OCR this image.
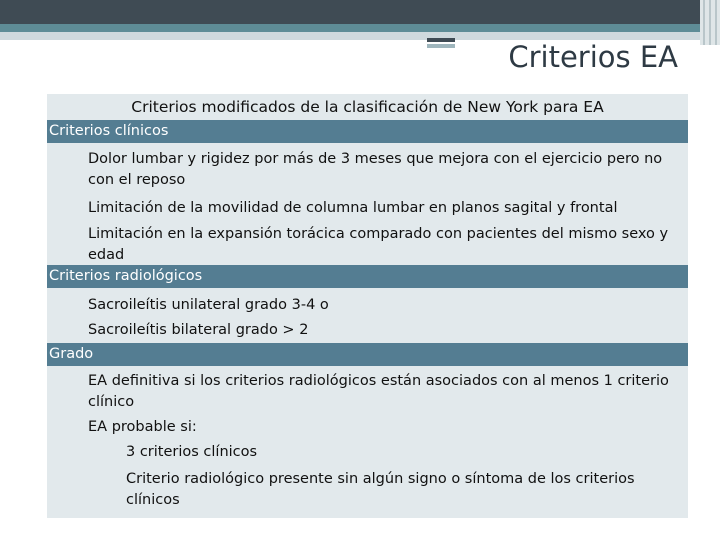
Criterios EA
Criterios modificados de la clasificación de New York para EA
Criterios clínicos
Dolor lumbar y rigidez por más de 3 meses que mejora con el ejercicio pero no con el reposo
Limitación de la movilidad de columna lumbar en planos sagital y frontal
Limitación en la expansión torácica comparado con pacientes del mismo sexo y edad
Criterios radiológicos
Sacroileítis unilateral grado 3-4 o
Sacroileítis bilateral grado > 2
Grado
EA definitiva si los criterios radiológicos están asociados con al menos 1 criterio clínico
EA probable si:
3 criterios clínicos
Criterio radiológico presente sin algún signo o síntoma de los criterios clínicos
